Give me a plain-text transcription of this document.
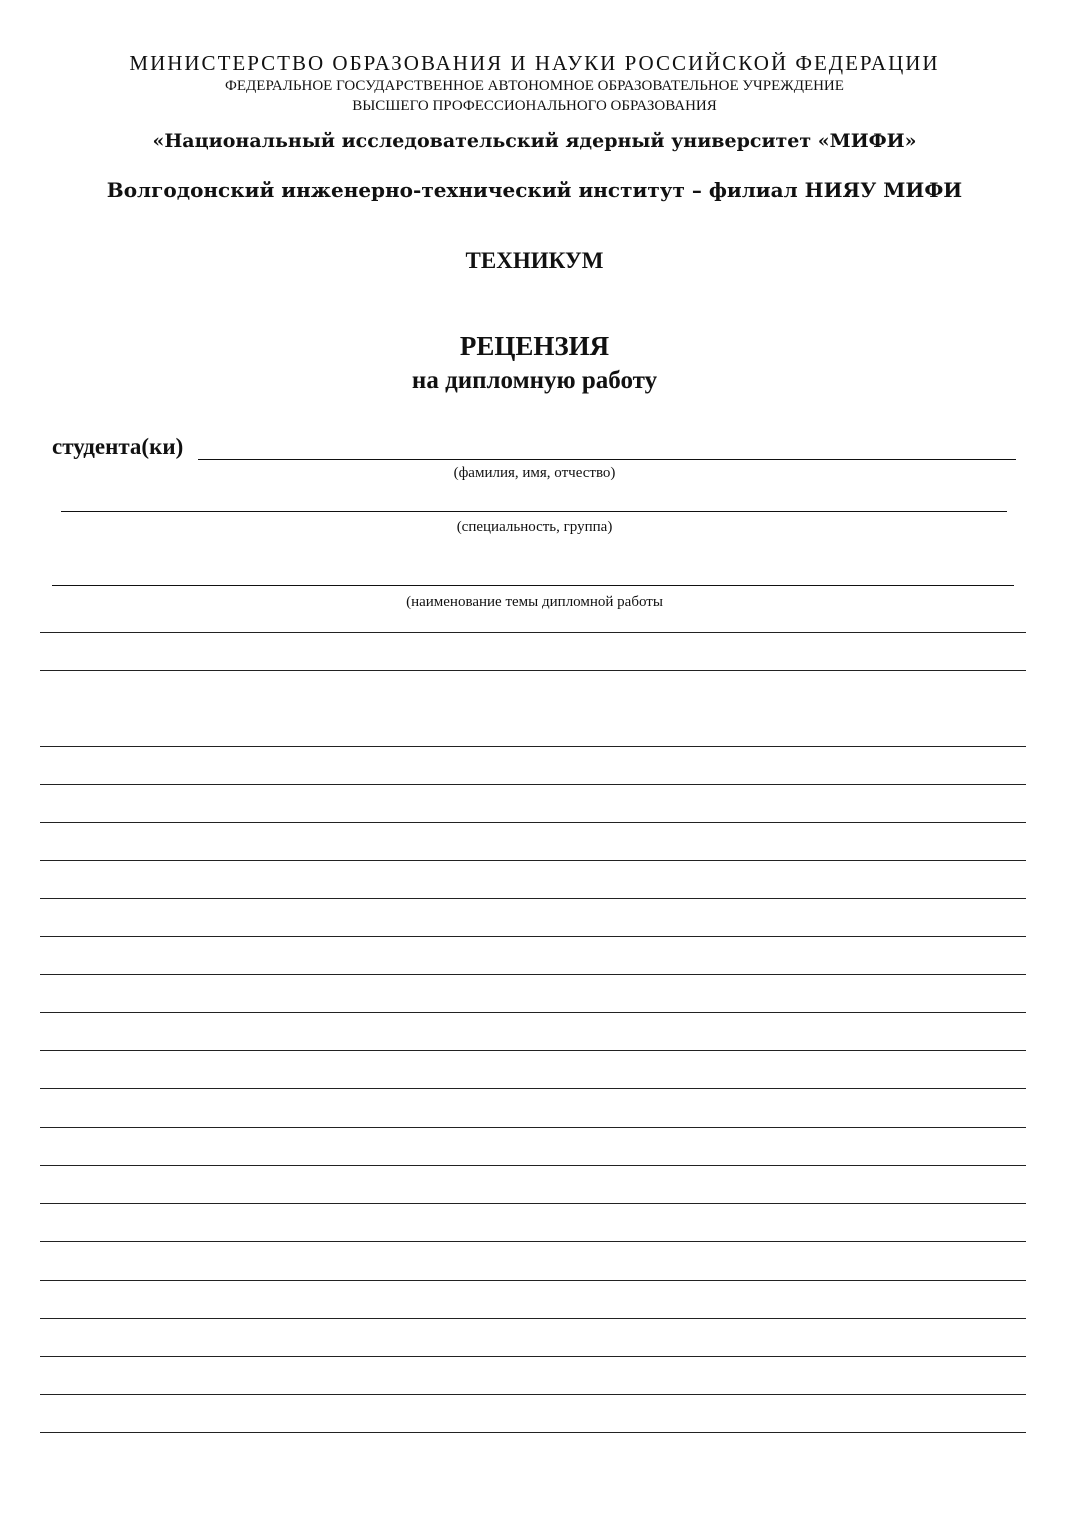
МИНИСТЕРСТВО ОБРАЗОВАНИЯ И НАУКИ РОССИЙСКОЙ ФЕДЕРАЦИИ
ФЕДЕРАЛЬНОЕ ГОСУДАРСТВЕННОЕ АВТОНОМНОЕ ОБРАЗОВАТЕЛЬНОЕ УЧРЕЖДЕНИЕ
ВЫСШЕГО ПРОФЕССИОНАЛЬНОГО ОБРАЗОВАНИЯ
«Национальный исследовательский ядерный университет «МИФИ»
Волгодонский инженерно-технический институт – филиал НИЯУ МИФИ
ТЕХНИКУМ
РЕЦЕНЗИЯ
на дипломную работу
студента(ки)
(фамилия, имя, отчество)
(специальность, группа)
(наименование темы дипломной работы
